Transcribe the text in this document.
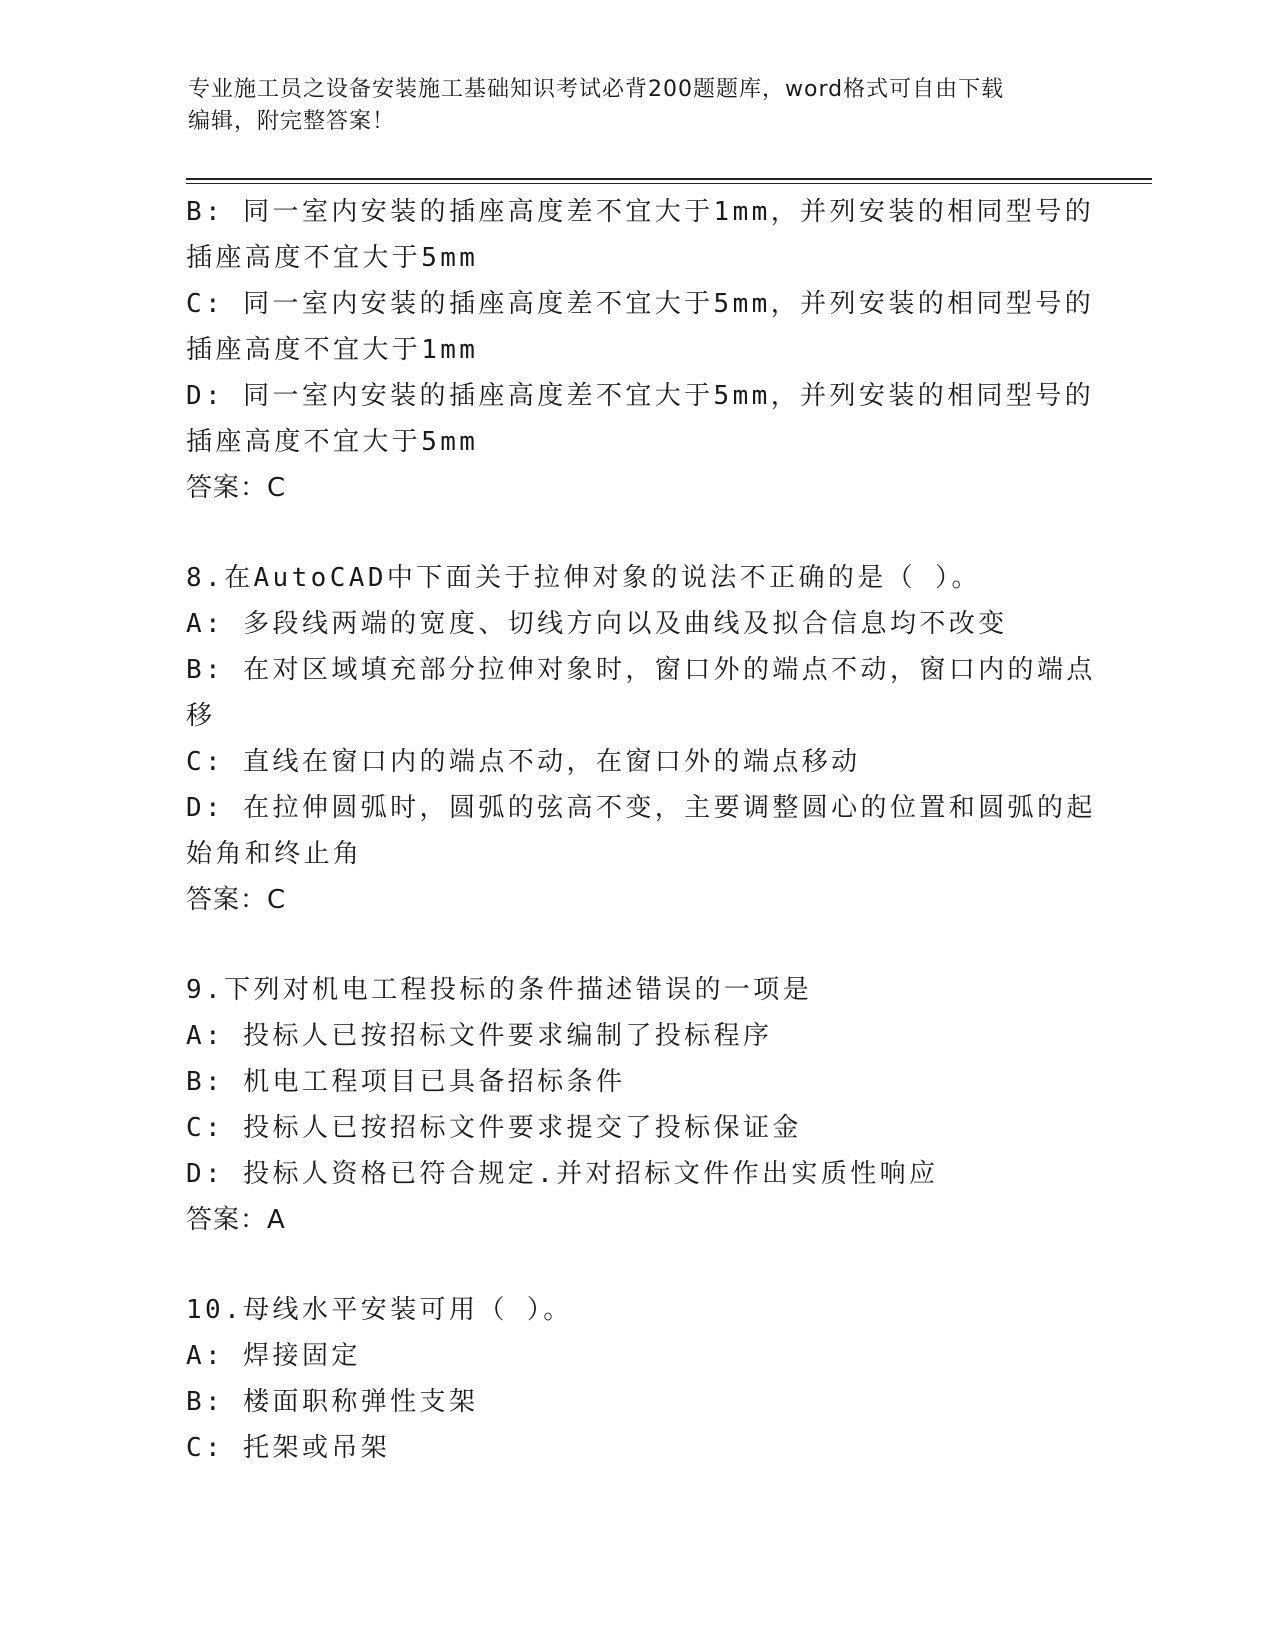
专业施工员之设备安装施工基础知识考试必背200题题库，word格式可自由下载
编辑，附完整答案！
B: 同一室内安装的插座高度差不宜大于1mm，并列安装的相同型号的
插座高度不宜大于5mm
C: 同一室内安装的插座高度差不宜大于5mm，并列安装的相同型号的
插座高度不宜大于1mm
D: 同一室内安装的插座高度差不宜大于5mm，并列安装的相同型号的
插座高度不宜大于5mm
答案：C
8.在AutoCAD中下面关于拉伸对象的说法不正确的是（ ）。
A: 多段线两端的宽度、切线方向以及曲线及拟合信息均不改变
B: 在对区域填充部分拉伸对象时，窗口外的端点不动，窗口内的端点
移
C: 直线在窗口内的端点不动，在窗口外的端点移动
D: 在拉伸圆弧时，圆弧的弦高不变，主要调整圆心的位置和圆弧的起
始角和终止角
答案：C
9.下列对机电工程投标的条件描述错误的一项是
A: 投标人已按招标文件要求编制了投标程序
B: 机电工程项目已具备招标条件
C: 投标人已按招标文件要求提交了投标保证金
D: 投标人资格已符合规定.并对招标文件作出实质性响应
答案：A
10.母线水平安装可用（ ）。
A: 焊接固定
B: 楼面职称弹性支架
C: 托架或吊架
